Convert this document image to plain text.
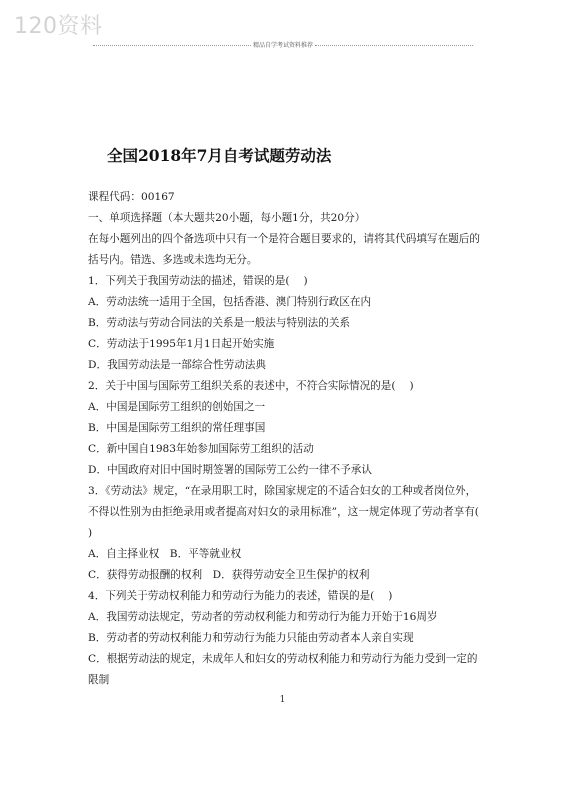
120资料
精品自学考试资料推荐
全国2018年7月自考试题劳动法
课程代码：00167
一、单项选择题（本大题共20小题，每小题1分，共20分）
在每小题列出的四个备选项中只有一个是符合题目要求的，请将其代码填写在题后的
括号内。错选、多选或未选均无分。
1．下列关于我国劳动法的描述，错误的是(　 )
A．劳动法统一适用于全国，包括香港、澳门特别行政区在内
B．劳动法与劳动合同法的关系是一般法与特别法的关系
C．劳动法于1995年1月1日起开始实施
D．我国劳动法是一部综合性劳动法典
2．关于中国与国际劳工组织关系的表述中，不符合实际情况的是(　 )
A．中国是国际劳工组织的创始国之一
B．中国是国际劳工组织的常任理事国
C．新中国自1983年始参加国际劳工组织的活动
D．中国政府对旧中国时期签署的国际劳工公约一律不予承认
3．《劳动法》规定，“在录用职工时，除国家规定的不适合妇女的工种或者岗位外，
不得以性别为由拒绝录用或者提高对妇女的录用标准”，这一规定体现了劳动者享有(
)
A．自主择业权　B．平等就业权
C．获得劳动报酬的权利　D．获得劳动安全卫生保护的权利
4．下列关于劳动权利能力和劳动行为能力的表述，错误的是(　 )
A．我国劳动法规定，劳动者的劳动权利能力和劳动行为能力开始于16周岁
B．劳动者的劳动权利能力和劳动行为能力只能由劳动者本人亲自实现
C．根据劳动法的规定，未成年人和妇女的劳动权利能力和劳动行为能力受到一定的
限制
1
